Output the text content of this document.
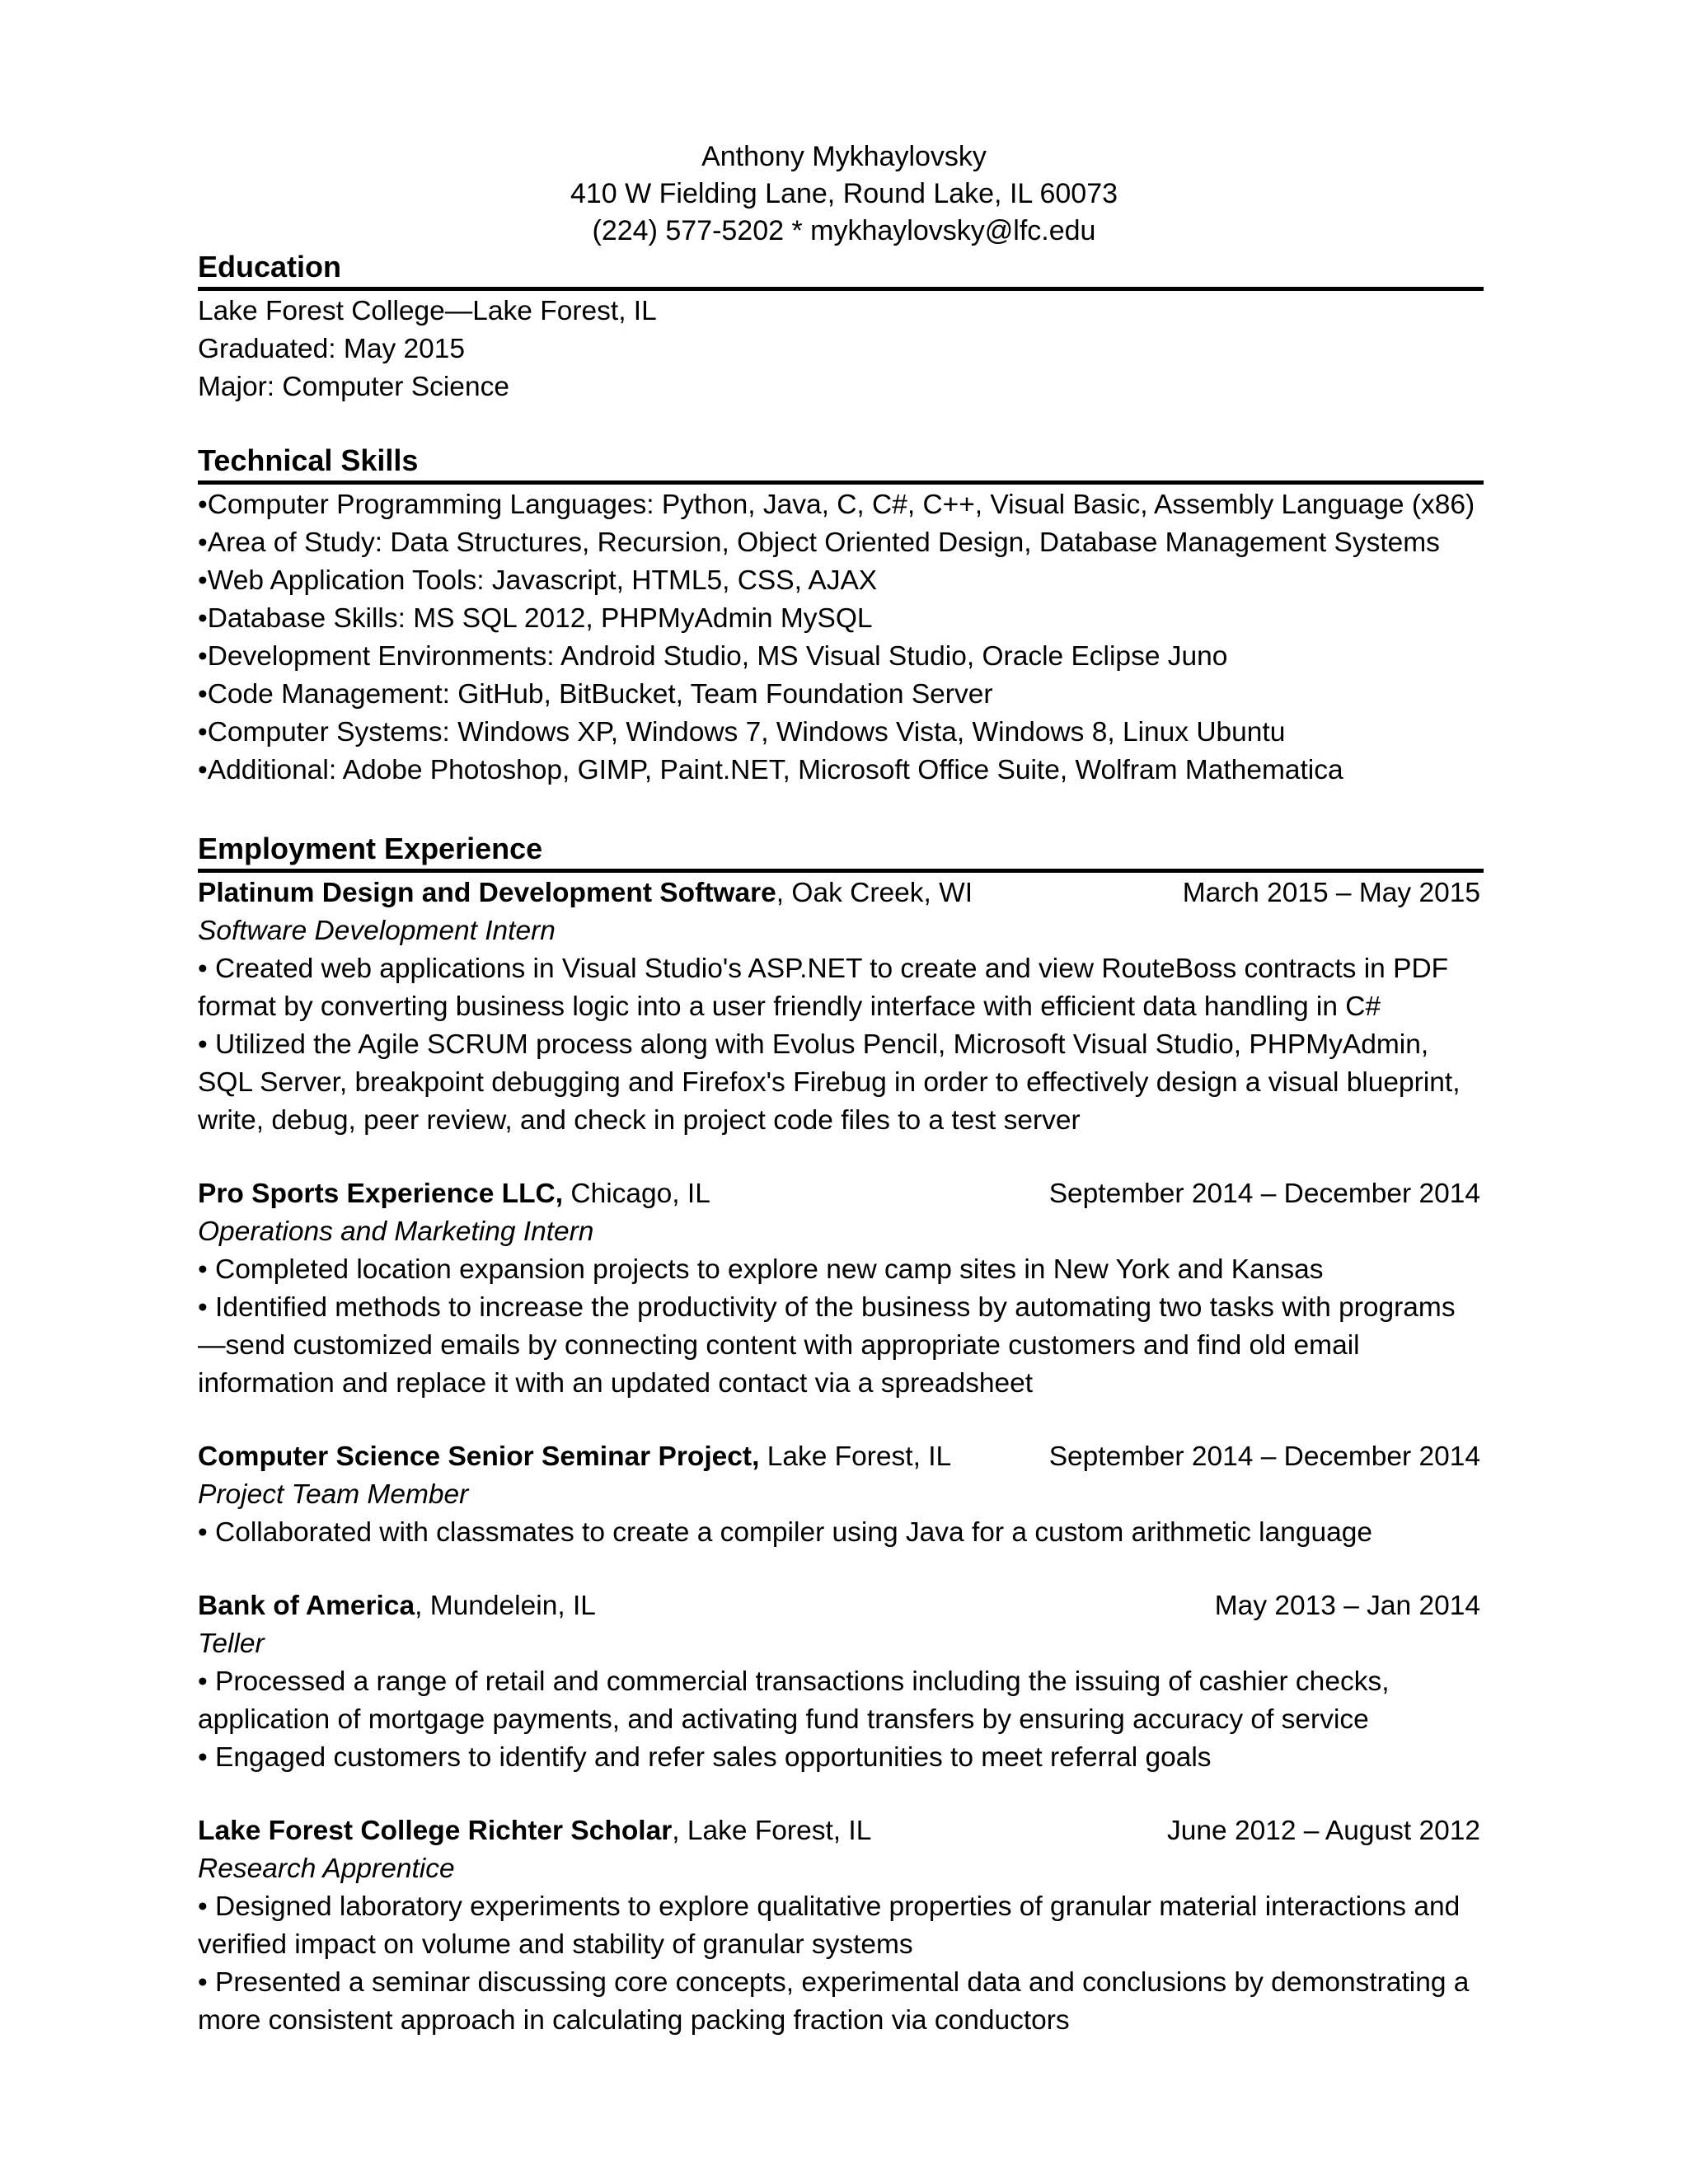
Anthony Mykhaylovsky
410 W Fielding Lane, Round Lake, IL 60073
(224) 577-5202 * mykhaylovsky@lfc.edu
Education
Lake Forest College—Lake Forest, IL
Graduated: May 2015
Major: Computer Science
Technical Skills
•Computer Programming Languages: Python, Java, C, C#, C++, Visual Basic, Assembly Language (x86)
•Area of Study: Data Structures, Recursion, Object Oriented Design, Database Management Systems
•Web Application Tools: Javascript, HTML5, CSS, AJAX
•Database Skills: MS SQL 2012, PHPMyAdmin MySQL
•Development Environments: Android Studio, MS Visual Studio, Oracle Eclipse Juno
•Code Management: GitHub, BitBucket, Team Foundation Server
•Computer Systems: Windows XP, Windows 7, Windows Vista, Windows 8, Linux Ubuntu
•Additional: Adobe Photoshop, GIMP, Paint.NET, Microsoft Office Suite, Wolfram Mathematica
Employment Experience
Platinum Design and Development Software, Oak Creek, WI	March 2015 – May 2015
Software Development Intern
• Created web applications in Visual Studio's ASP.NET to create and view RouteBoss contracts in PDF format by converting business logic into a user friendly interface with efficient data handling in C#
• Utilized the Agile SCRUM process along with Evolus Pencil, Microsoft Visual Studio, PHPMyAdmin, SQL Server, breakpoint debugging and Firefox's Firebug in order to effectively design a visual blueprint, write, debug, peer review, and check in project code files to a test server
Pro Sports Experience LLC, Chicago, IL	September 2014 – December 2014
Operations and Marketing Intern
• Completed location expansion projects to explore new camp sites in New York and Kansas
• Identified methods to increase the productivity of the business by automating two tasks with programs —send customized emails by connecting content with appropriate customers and find old email information and replace it with an updated contact via a spreadsheet
Computer Science Senior Seminar Project, Lake Forest, IL	September 2014 – December 2014
Project Team Member
• Collaborated with classmates to create a compiler using Java for a custom arithmetic language
Bank of America, Mundelein, IL	May 2013 – Jan 2014
Teller
• Processed a range of retail and commercial transactions including the issuing of cashier checks, application of mortgage payments, and activating fund transfers by ensuring accuracy of service
• Engaged customers to identify and refer sales opportunities to meet referral goals
Lake Forest College Richter Scholar, Lake Forest, IL	June 2012 – August 2012
Research Apprentice
• Designed laboratory experiments to explore qualitative properties of granular material interactions and verified impact on volume and stability of granular systems
• Presented a seminar discussing core concepts, experimental data and conclusions by demonstrating a more consistent approach in calculating packing fraction via conductors
